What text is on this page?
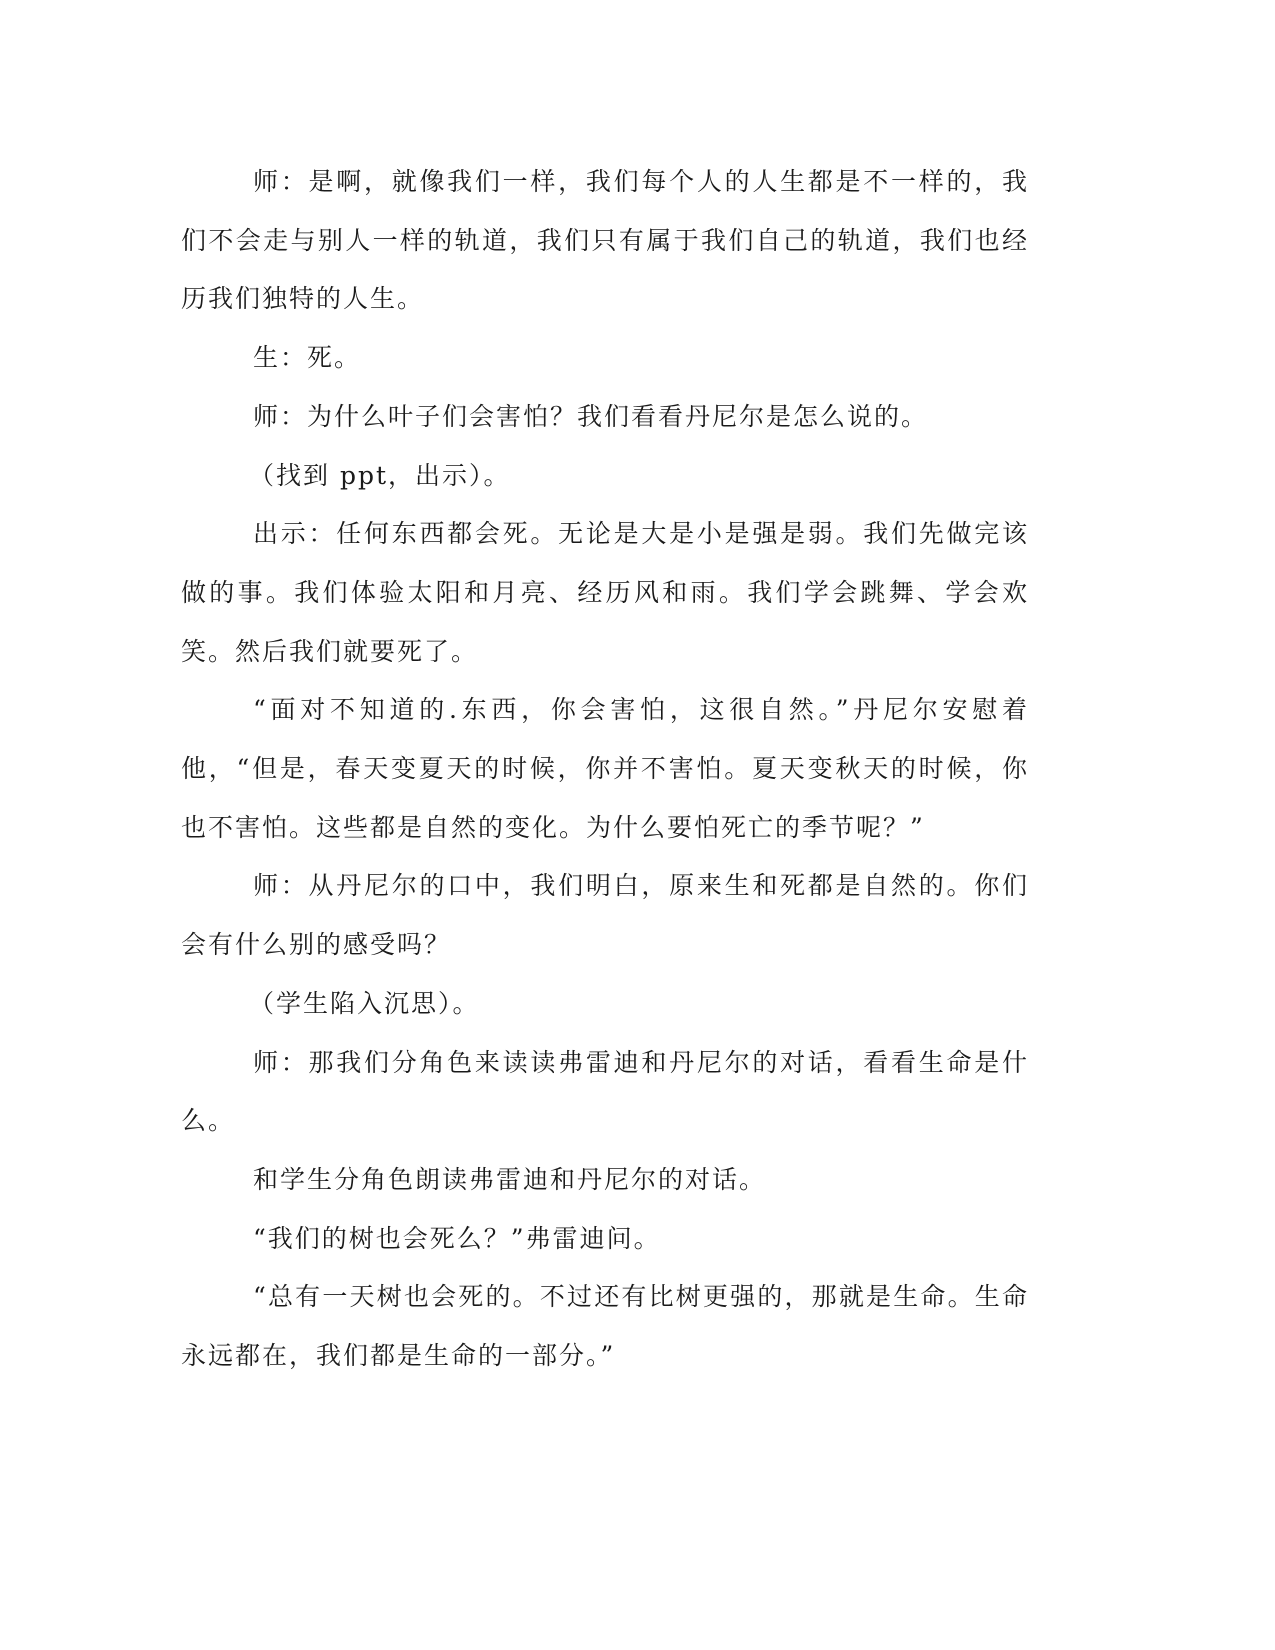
师：是啊，就像我们一样，我们每个人的人生都是不一样的，我们不会走与别人一样的轨道，我们只有属于我们自己的轨道，我们也经历我们独特的人生。

生：死。

师：为什么叶子们会害怕？我们看看丹尼尔是怎么说的。

（找到 ppt，出示）。

出示：任何东西都会死。无论是大是小是强是弱。我们先做完该做的事。我们体验太阳和月亮、经历风和雨。我们学会跳舞、学会欢笑。然后我们就要死了。

“面对不知道的.东西，你会害怕，这很自然。”丹尼尔安慰着他，“但是，春天变夏天的时候，你并不害怕。夏天变秋天的时候，你也不害怕。这些都是自然的变化。为什么要怕死亡的季节呢？”

师：从丹尼尔的口中，我们明白，原来生和死都是自然的。你们会有什么别的感受吗？

（学生陷入沉思）。

师：那我们分角色来读读弗雷迪和丹尼尔的对话，看看生命是什么。

和学生分角色朗读弗雷迪和丹尼尔的对话。

“我们的树也会死么？”弗雷迪问。

“总有一天树也会死的。不过还有比树更强的，那就是生命。生命永远都在，我们都是生命的一部分。”
